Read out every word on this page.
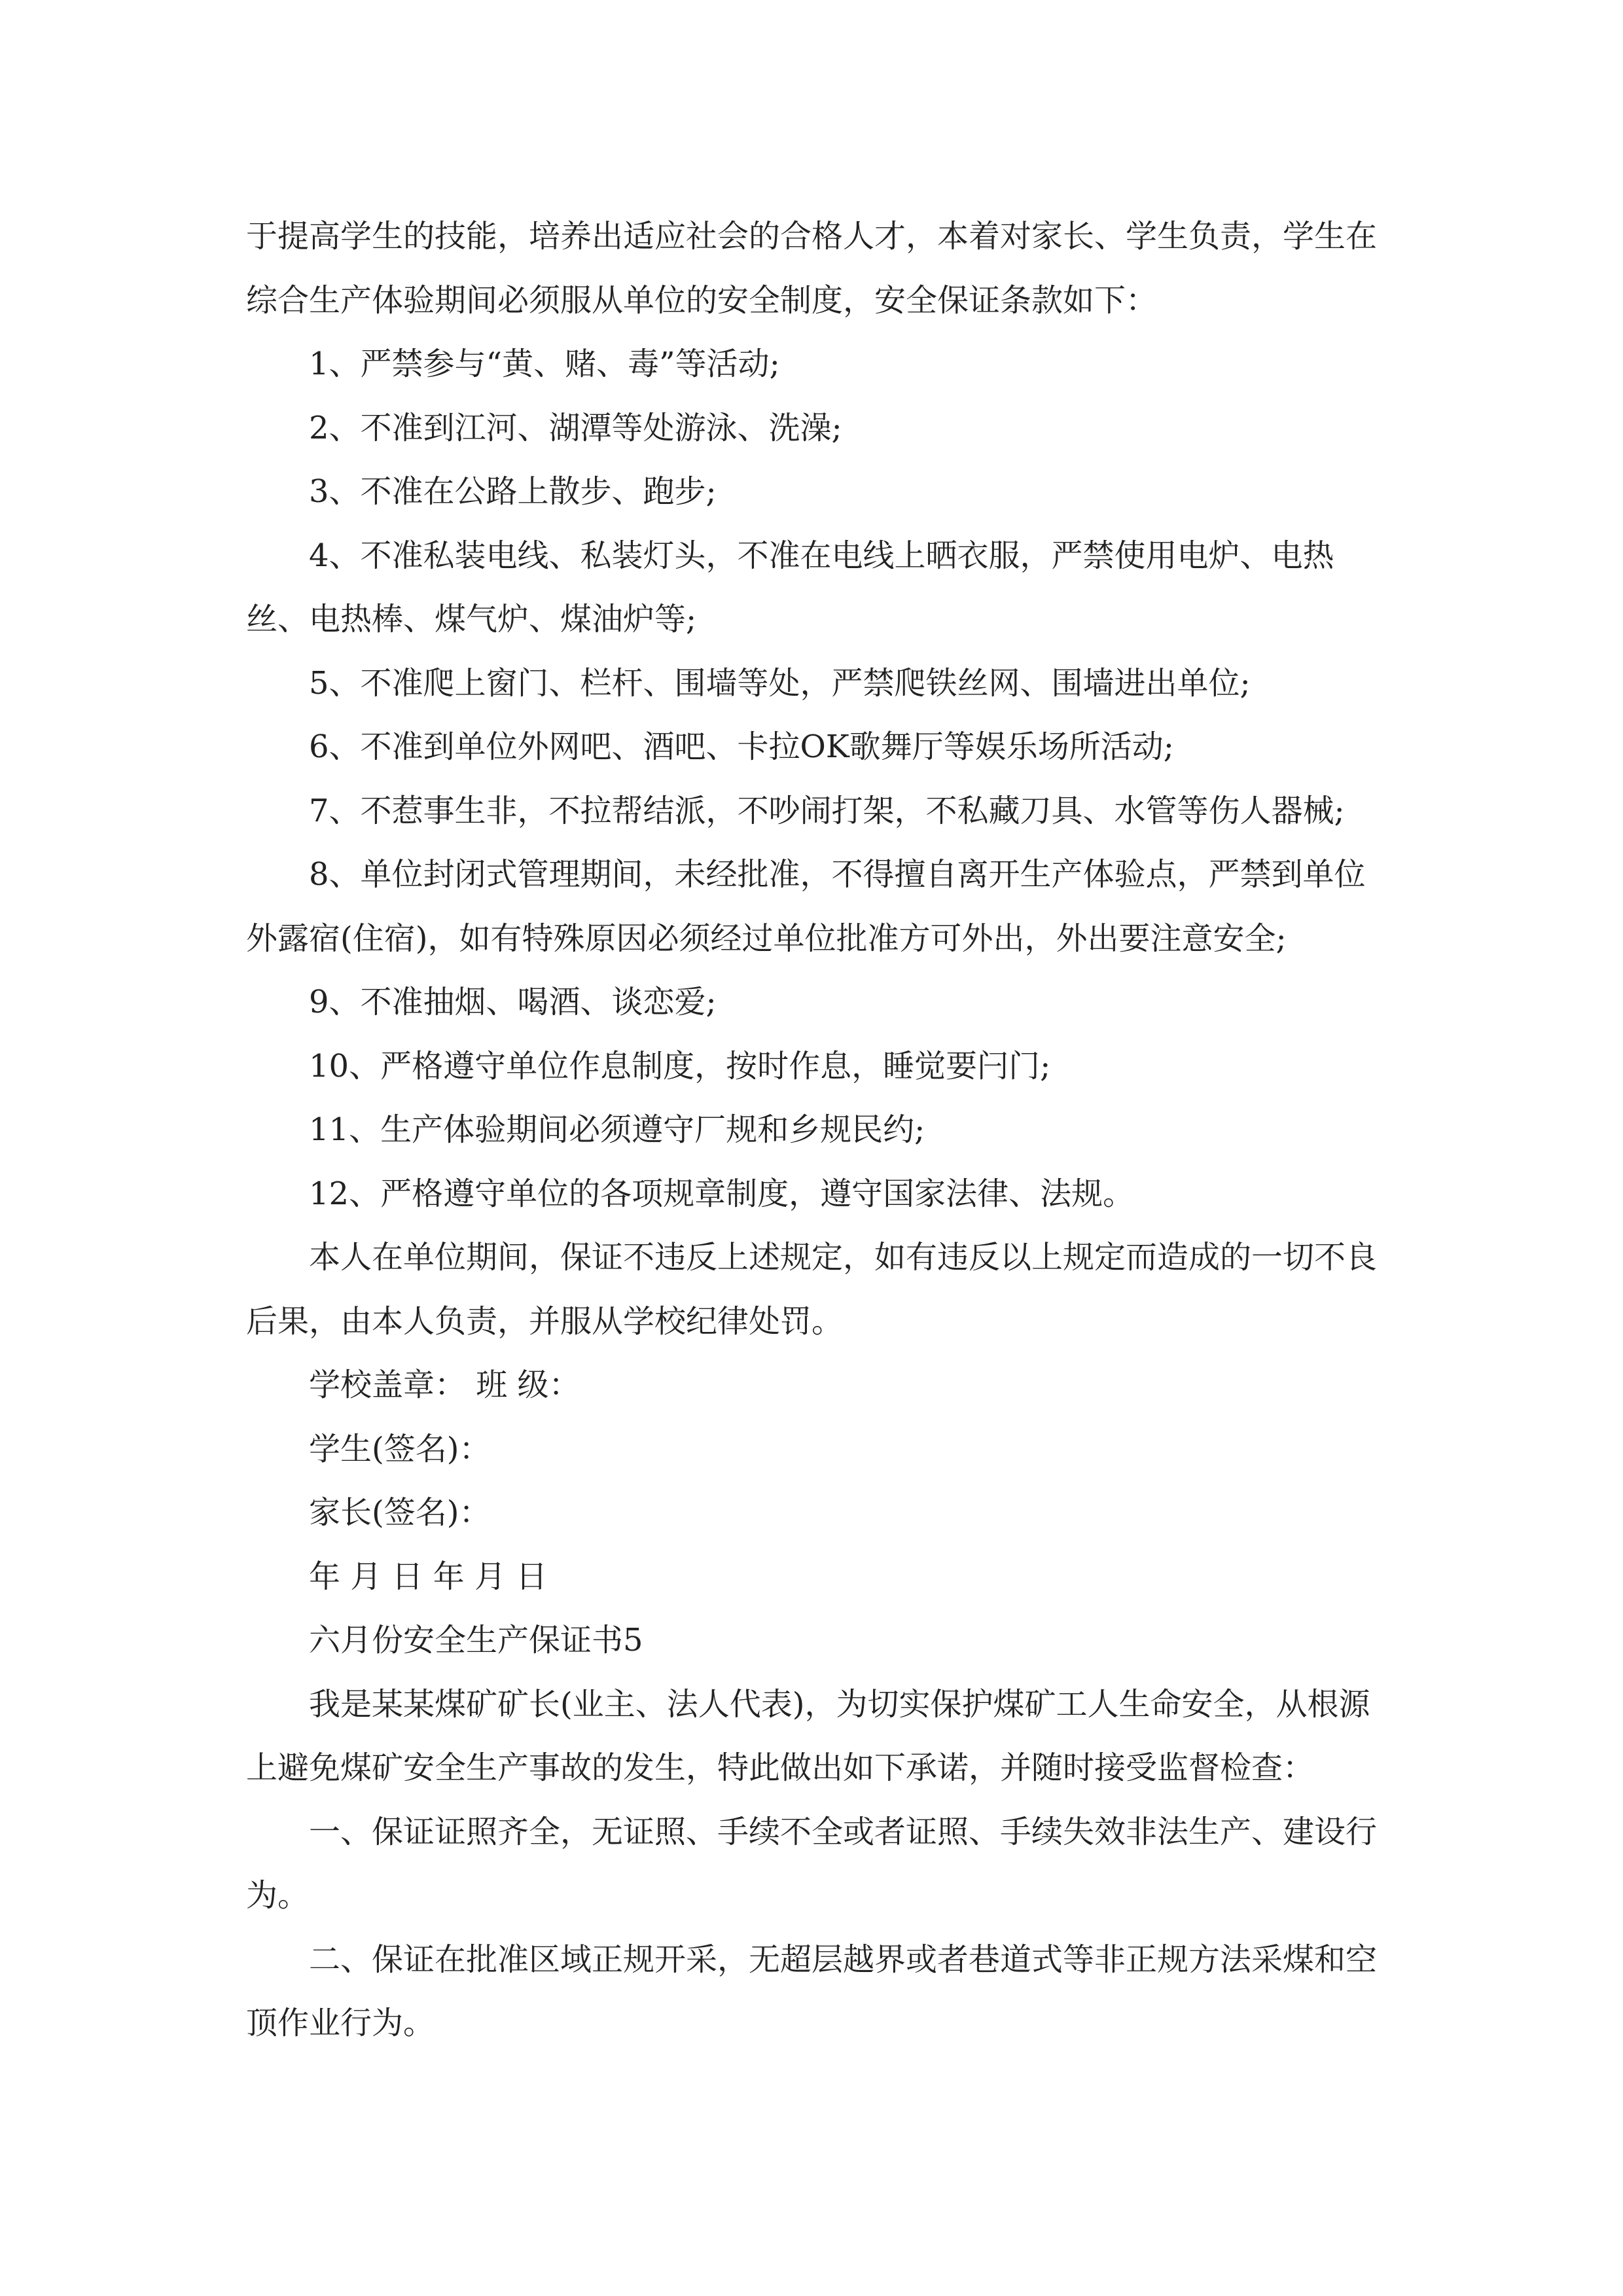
于提高学生的技能，培养出适应社会的合格人才，本着对家长、学生负责，学生在综合生产体验期间必须服从单位的安全制度，安全保证条款如下：

1、严禁参与“黄、赌、毒”等活动;

2、不准到江河、湖潭等处游泳、洗澡;

3、不准在公路上散步、跑步;

4、不准私装电线、私装灯头，不准在电线上晒衣服，严禁使用电炉、电热丝、电热棒、煤气炉、煤油炉等;

5、不准爬上窗门、栏杆、围墙等处，严禁爬铁丝网、围墙进出单位;

6、不准到单位外网吧、酒吧、卡拉OK歌舞厅等娱乐场所活动;

7、不惹事生非，不拉帮结派，不吵闹打架，不私藏刀具、水管等伤人器械;

8、单位封闭式管理期间，未经批准，不得擅自离开生产体验点，严禁到单位外露宿(住宿)，如有特殊原因必须经过单位批准方可外出，外出要注意安全;

9、不准抽烟、喝酒、谈恋爱;

10、严格遵守单位作息制度，按时作息，睡觉要闩门;

11、生产体验期间必须遵守厂规和乡规民约;

12、严格遵守单位的各项规章制度，遵守国家法律、法规。

本人在单位期间，保证不违反上述规定，如有违反以上规定而造成的一切不良后果，由本人负责，并服从学校纪律处罚。

学校盖章： 班 级：

学生(签名)：

家长(签名)：

年 月 日 年 月 日

六月份安全生产保证书5

我是某某煤矿矿长(业主、法人代表)，为切实保护煤矿工人生命安全，从根源上避免煤矿安全生产事故的发生，特此做出如下承诺，并随时接受监督检查：

一、保证证照齐全，无证照、手续不全或者证照、手续失效非法生产、建设行为。

二、保证在批准区域正规开采，无超层越界或者巷道式等非正规方法采煤和空顶作业行为。
